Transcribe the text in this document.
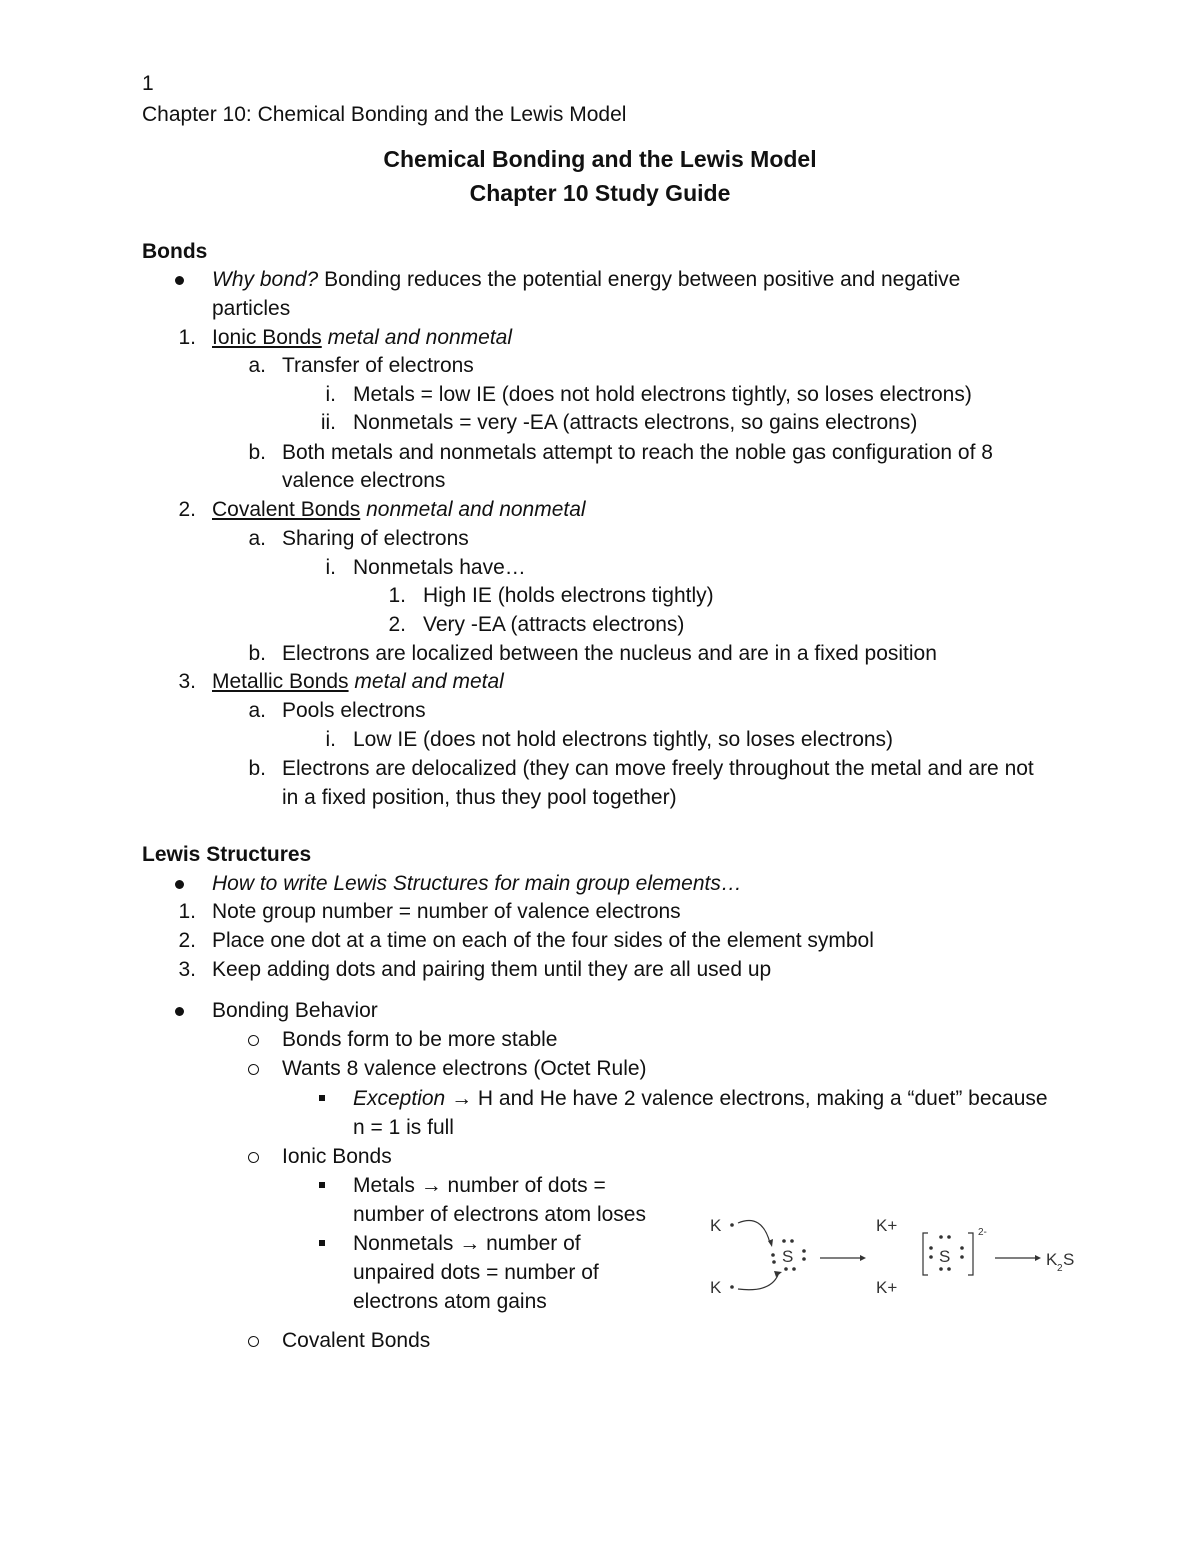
1
Chapter 10: Chemical Bonding and the Lewis Model
Chemical Bonding and the Lewis Model
Chapter 10 Study Guide
Bonds
Why bond? Bonding reduces the potential energy between positive and negative
particles
1. Ionic Bonds metal and nonmetal
a. Transfer of electrons
i. Metals = low IE (does not hold electrons tightly, so loses electrons)
ii. Nonmetals = very -EA (attracts electrons, so gains electrons)
b. Both metals and nonmetals attempt to reach the noble gas configuration of 8
valence electrons
2. Covalent Bonds nonmetal and nonmetal
a. Sharing of electrons
i. Nonmetals have…
1. High IE (holds electrons tightly)
2. Very -EA (attracts electrons)
b. Electrons are localized between the nucleus and are in a fixed position
3. Metallic Bonds metal and metal
a. Pools electrons
i. Low IE (does not hold electrons tightly, so loses electrons)
b. Electrons are delocalized (they can move freely throughout the metal and are not
in a fixed position, thus they pool together)
Lewis Structures
How to write Lewis Structures for main group elements…
1. Note group number = number of valence electrons
2. Place one dot at a time on each of the four sides of the element symbol
3. Keep adding dots and pairing them until they are all used up
Bonding Behavior
Bonds form to be more stable
Wants 8 valence electrons (Octet Rule)
Exception → H and He have 2 valence electrons, making a “duet” because
n = 1 is full
Ionic Bonds
Metals → number of dots =
number of electrons atom loses
Nonmetals → number of
unpaired dots = number of
electrons atom gains
Covalent Bonds
K
K
S
K+
K+
S
2-
K 2 S
